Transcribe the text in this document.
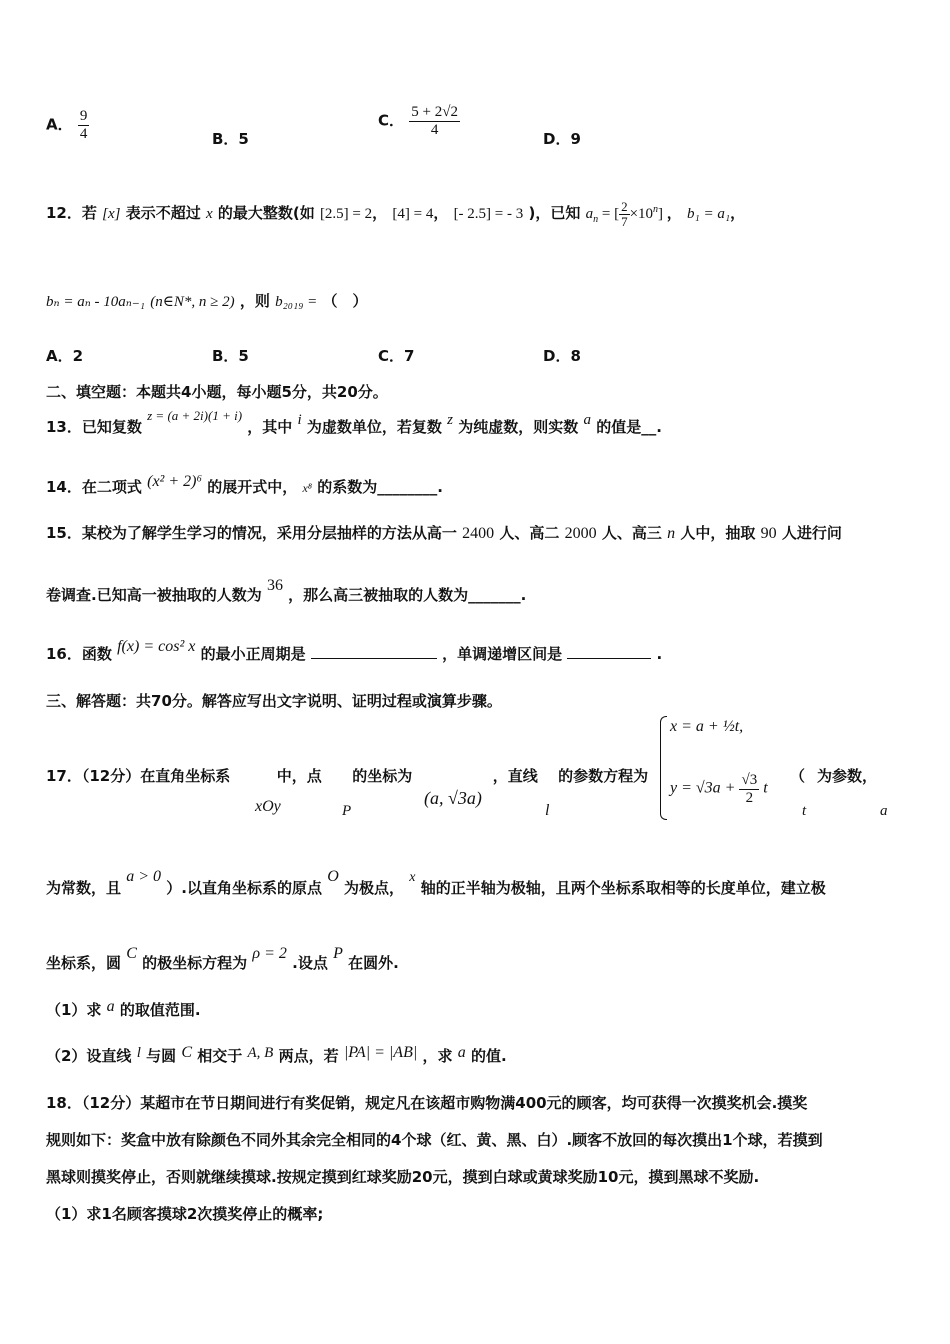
A． $\frac{9}{4}$	B．5
C． $\frac{5 + 2√2}{4}$
D．9
12．若 [x] 表示不超过 x 的最大整数(如 [2.5] = 2， [4] = 4， [- 2.5] = - 3 )，已知 $a_n$ = [ $\frac{2}{7} \times 10^n$] ， b₁ = a₁，
bₙ = aₙ - 10aₙ₋₁ (n∈N*, n ≥ 2) ，则 b₂₀₁₉ = （　）
A．2	B．5	C．7	D．8
二、填空题：本题共4小题，每小题5分，共20分。
13．已知复数 z = (a + 2i)(1 + i) ，其中 i 为虚数单位，若复数 z 为纯虚数，则实数 a 的值是__.
14．在二项式 (x² + 2)⁶ 的展开式中， x⁸ 的系数为________.
15．某校为了解学生学习的情况，采用分层抽样的方法从高一 2400 人、高二 2000 人、高三 n 人中，抽取 90 人进行问
卷调查.已知高一被抽取的人数为 36 ，那么高三被抽取的人数为_______.
16．函数 f(x) = cos² x 的最小正周期是	，单调递增区间是	.
三、解答题：共70分。解答应写出文字说明、证明过程或演算步骤。
17．（12分）在直角坐标系	中，点 的坐标为	，直线 的参数方程为
xOy	P
(a, √3a)
l
x = a + ½t,
$y = √3a + \frac{√3}{2}$ t
（ 为参数，
t	a
为常数，且 a > 0 ）.以直角坐标系的原点 O 为极点， x 轴的正半轴为极轴，且两个坐标系取相等的长度单位，建立极
坐标系，圆 C 的极坐标方程为 ρ = 2 .设点 P 在圆外.
（1）求 a 的取值范围.
（2）设直线 l 与圆 C 相交于 A, B 两点，若 |PA| = |AB| ，求 a 的值.
18．（12分）某超市在节日期间进行有奖促销，规定凡在该超市购物满400元的顾客，均可获得一次摸奖机会.摸奖
规则如下：奖盒中放有除颜色不同外其余完全相同的4个球（红、黄、黑、白）.顾客不放回的每次摸出1个球，若摸到
黑球则摸奖停止，否则就继续摸球.按规定摸到红球奖励20元，摸到白球或黄球奖励10元，摸到黑球不奖励.
（1）求1名顾客摸球2次摸奖停止的概率;
